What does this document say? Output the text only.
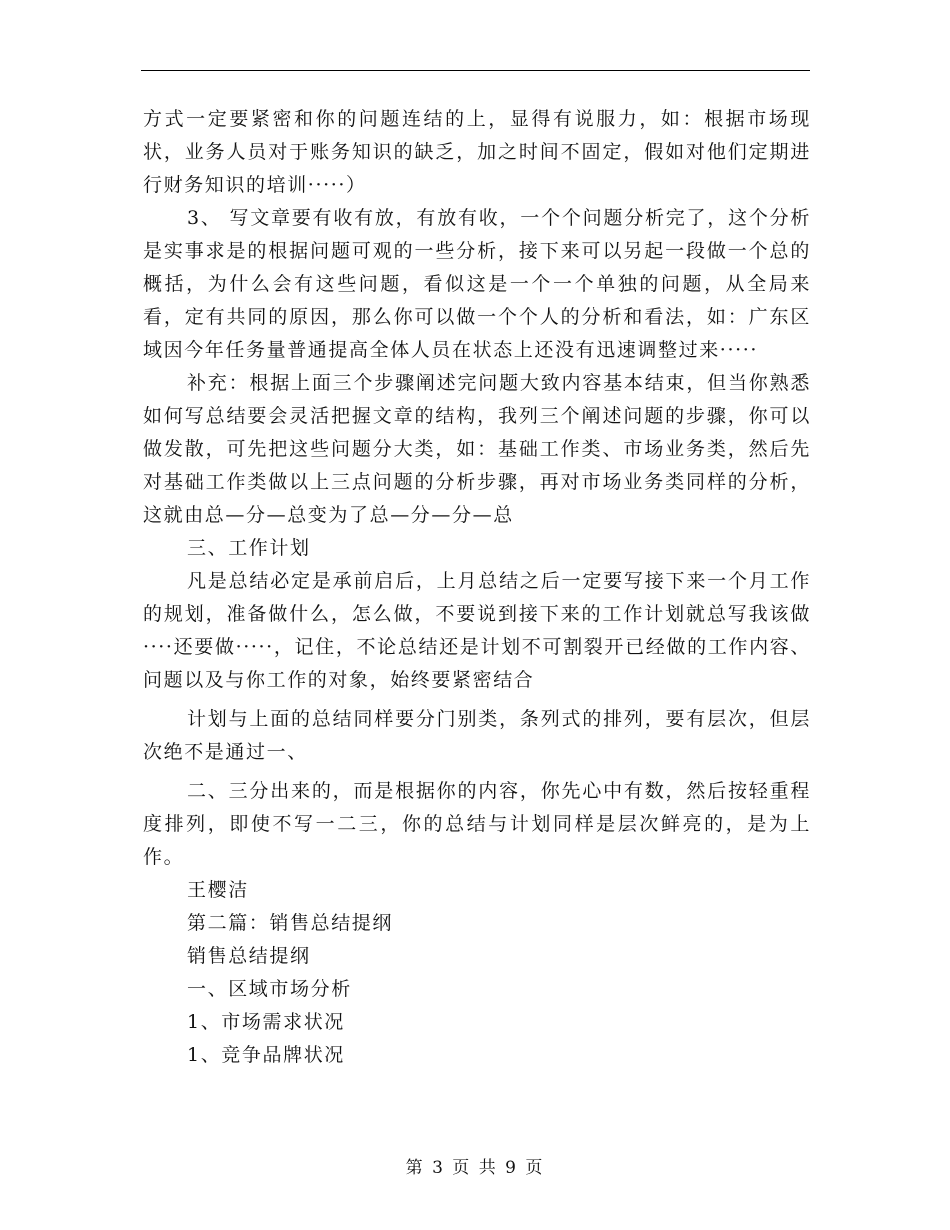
方式一定要紧密和你的问题连结的上，显得有说服力，如：根据市场现状，业务人员对于账务知识的缺乏，加之时间不固定，假如对他们定期进行财务知识的培训·····）

3、 写文章要有收有放，有放有收，一个个问题分析完了，这个分析是实事求是的根据问题可观的一些分析，接下来可以另起一段做一个总的概括，为什么会有这些问题，看似这是一个一个单独的问题，从全局来看，定有共同的原因，那么你可以做一个个人的分析和看法，如：广东区域因今年任务量普通提高全体人员在状态上还没有迅速调整过来·····

补充：根据上面三个步骤阐述完问题大致内容基本结束，但当你熟悉如何写总结要会灵活把握文章的结构，我列三个阐述问题的步骤，你可以做发散，可先把这些问题分大类，如：基础工作类、市场业务类，然后先对基础工作类做以上三点问题的分析步骤，再对市场业务类同样的分析，这就由总—分—总变为了总—分—分—总

三、工作计划

凡是总结必定是承前启后，上月总结之后一定要写接下来一个月工作的规划，准备做什么，怎么做，不要说到接下来的工作计划就总写我该做····还要做·····，记住，不论总结还是计划不可割裂开已经做的工作内容、问题以及与你工作的对象，始终要紧密结合

计划与上面的总结同样要分门别类，条列式的排列，要有层次，但层次绝不是通过一、

二、三分出来的，而是根据你的内容，你先心中有数，然后按轻重程度排列，即使不写一二三，你的总结与计划同样是层次鲜亮的，是为上作。

王樱洁

第二篇：销售总结提纲

销售总结提纲

一、区域市场分析

1、市场需求状况

1、竞争品牌状况

第 3 页 共 9 页
